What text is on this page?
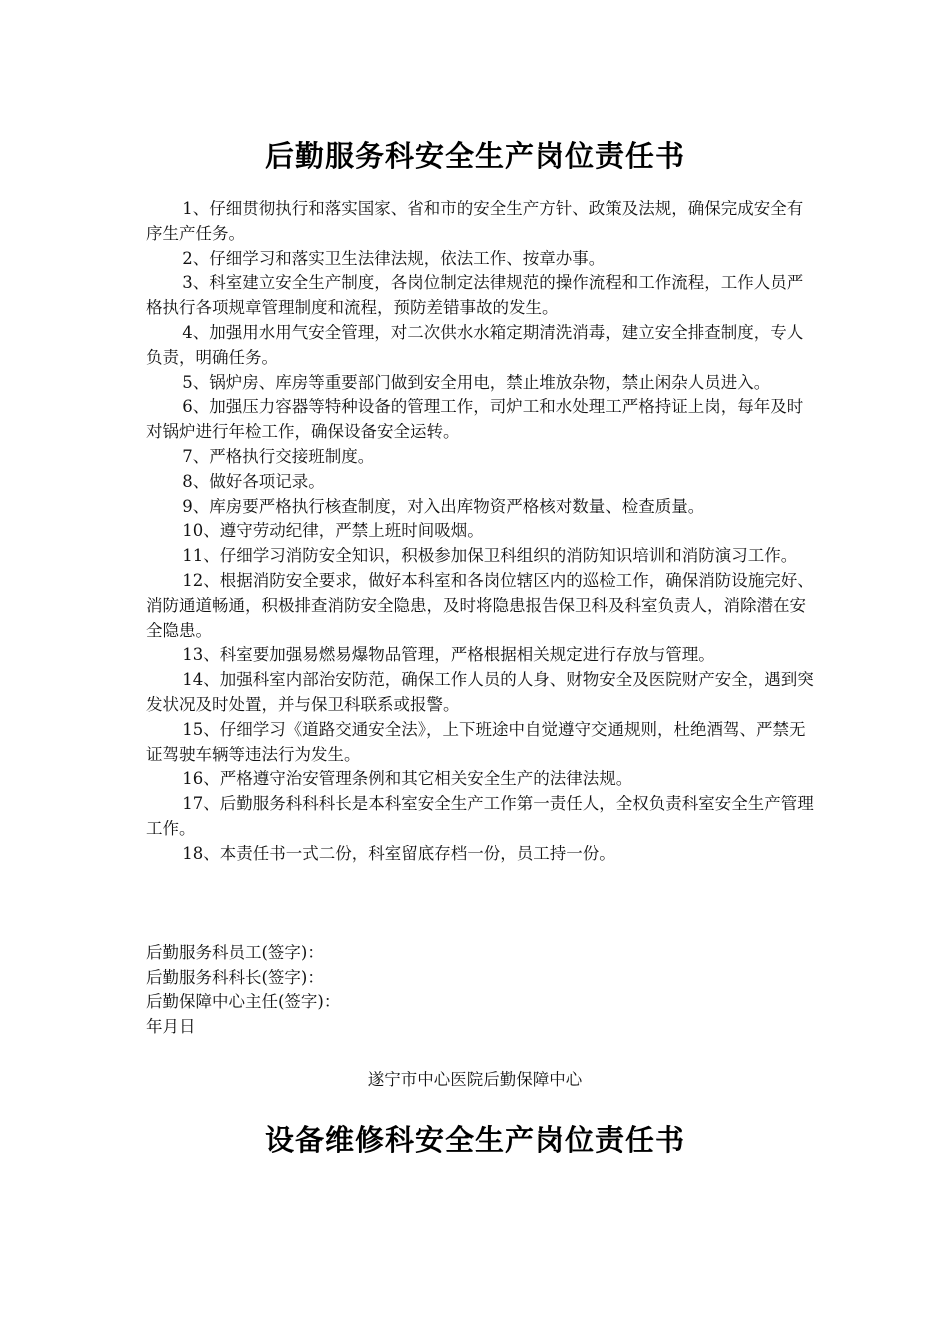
后勤服务科安全生产岗位责任书

1、仔细贯彻执行和落实国家、省和市的安全生产方针、政策及法规，确保完成安全有序生产任务。

2、仔细学习和落实卫生法律法规，依法工作、按章办事。

3、科室建立安全生产制度，各岗位制定法律规范的操作流程和工作流程，工作人员严格执行各项规章管理制度和流程，预防差错事故的发生。

4、加强用水用气安全管理，对二次供水水箱定期清洗消毒，建立安全排查制度，专人负责，明确任务。

5、锅炉房、库房等重要部门做到安全用电，禁止堆放杂物，禁止闲杂人员进入。

6、加强压力容器等特种设备的管理工作，司炉工和水处理工严格持证上岗，每年及时对锅炉进行年检工作，确保设备安全运转。

7、严格执行交接班制度。

8、做好各项记录。

9、库房要严格执行核查制度，对入出库物资严格核对数量、检查质量。

10、遵守劳动纪律，严禁上班时间吸烟。

11、仔细学习消防安全知识，积极参加保卫科组织的消防知识培训和消防演习工作。

12、根据消防安全要求，做好本科室和各岗位辖区内的巡检工作，确保消防设施完好、消防通道畅通，积极排查消防安全隐患，及时将隐患报告保卫科及科室负责人，消除潜在安全隐患。

13、科室要加强易燃易爆物品管理，严格根据相关规定进行存放与管理。

14、加强科室内部治安防范，确保工作人员的人身、财物安全及医院财产安全，遇到突发状况及时处置，并与保卫科联系或报警。

15、仔细学习《道路交通安全法》，上下班途中自觉遵守交通规则，杜绝酒驾、严禁无证驾驶车辆等违法行为发生。

16、严格遵守治安管理条例和其它相关安全生产的法律法规。

17、后勤服务科科科长是本科室安全生产工作第一责任人，全权负责科室安全生产管理工作。

18、本责任书一式二份，科室留底存档一份，员工持一份。

后勤服务科员工(签字)：

后勤服务科科长(签字)：

后勤保障中心主任(签字)：

年月日

遂宁市中心医院后勤保障中心
设备维修科安全生产岗位责任书
